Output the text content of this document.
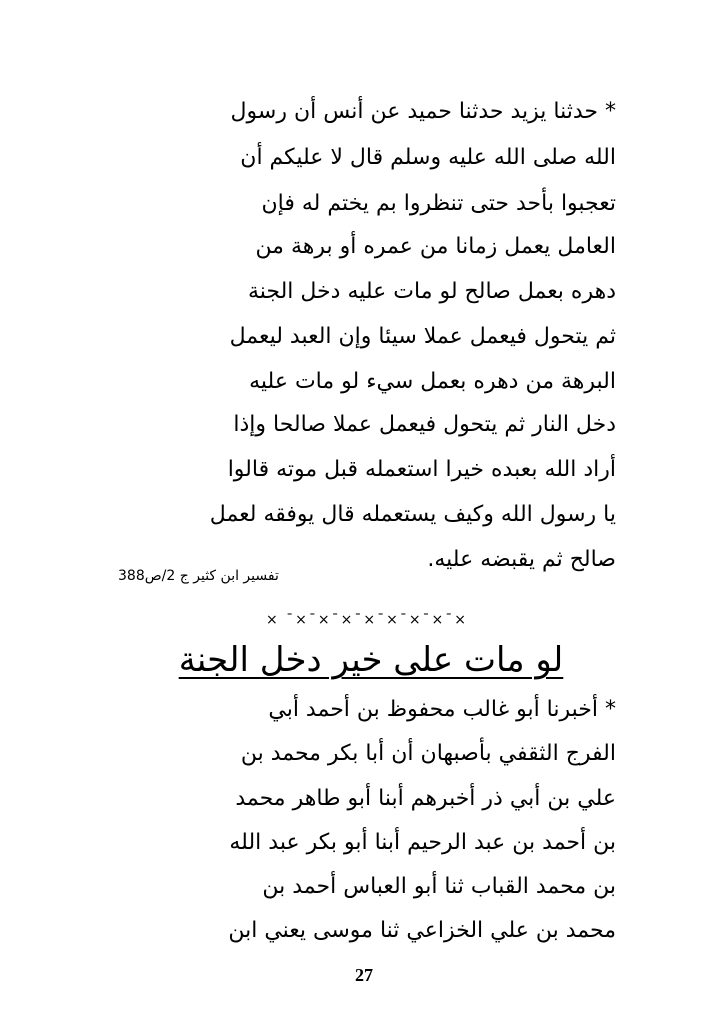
* حدثنا يزيد حدثنا حميد عن أنس أن رسول
الله صلى الله عليه وسلم قال لا عليكم أن
تعجبوا بأحد حتى تنظروا بم يختم له فإن
العامل يعمل زمانا من عمره أو برهة من
دهره بعمل صالح لو مات عليه دخل الجنة
ثم يتحول فيعمل عملا سيئا وإن العبد ليعمل
البرهة من دهره بعمل سيء لو مات عليه
دخل النار ثم يتحول فيعمل عملا صالحا وإذا
أراد الله بعبده خيرا استعمله قبل موته قالوا
يا رسول الله وكيف يستعمله قال يوفقه لعمل
صالح ثم يقبضه عليه.
تفسير ابن كثير ج 2/ص388
× ¯×¯×¯×¯×¯×¯×¯×¯×
لو مات على خير دخل الجنة
* أخبرنا أبو غالب محفوظ بن أحمد أبي
الفرج الثقفي بأصبهان أن أبا بكر محمد بن
علي بن أبي ذر أخبرهم أبنا أبو طاهر محمد
بن أحمد بن عبد الرحيم أبنا أبو بكر عبد الله
بن محمد القباب ثنا أبو العباس أحمد بن
محمد بن علي الخزاعي ثنا موسى يعني ابن
27
